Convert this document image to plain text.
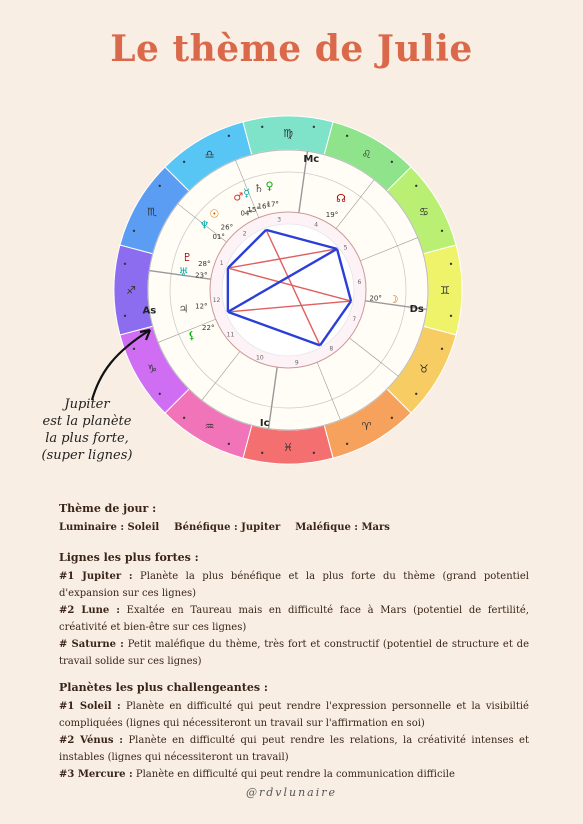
Le thème de Julie
♐
•
•
♏
•
•
♎
•
•	♍
•	•
♌
•
•
♋
•
•
♊
•
•
♉
•
•
♈
•
•
♓ •
•
♒
•
•
♑
•
•
1
2
3
4
5
6
7
8
9
10
11
12
♂
04°
☿
15°
♄
16°
♀
17°
☉
26°
♆
01°
♅ 23°
♇ 28°
♃ 12°
☊
19°
☽
20°
⚸
22°
As	Ds
Mc
Ic
Jupiter
est la planète
la plus forte,
(super lignes)
Thème de jour :
Luminaire : Soleil Bénéfique : Jupiter Maléfique : Mars
Lignes les plus fortes :

#1 Jupiter : Planète la plus bénéfique et la plus forte du thème (grand potentiel d'expansion sur ces lignes)

#2 Lune : Exaltée en Taureau mais en difficulté face à Mars (potentiel de fertilité, créativité et bien-être sur ces lignes)

# Saturne : Petit maléfique du thème, très fort et constructif (potentiel de structure et de travail solide sur ces lignes)

Planètes les plus challengeantes :

#1 Soleil : Planète en difficulté qui peut rendre l'expression personnelle et la visibiltié compliquées (lignes qui nécessiteront un travail sur l'affirmation en soi)

#2 Vénus : Planète en difficulté qui peut rendre les relations, la créativité intenses et instables (lignes qui nécessiteront un travail)

#3 Mercure : Planète en difficulté qui peut rendre la communication difficile

@rdvlunaire
